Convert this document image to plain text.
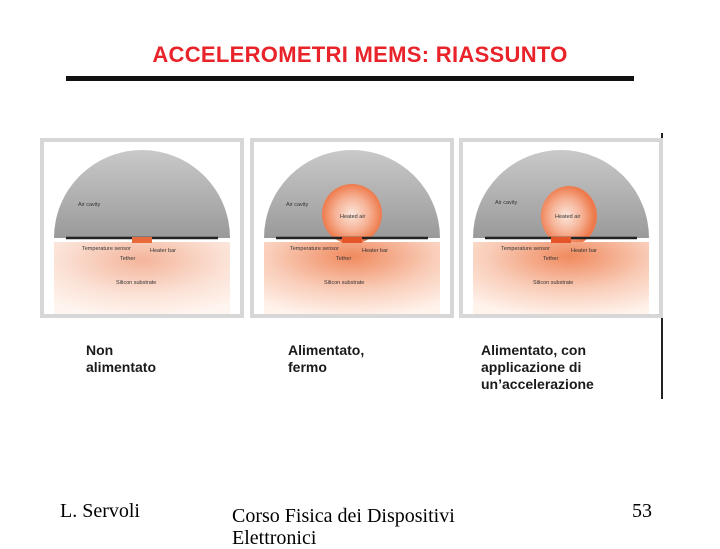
ACCELEROMETRI MEMS: RIASSUNTO
Air cavity
Temperature sensor	Heater bar
Tether
Silicon substrate
Air cavity
Heated air
Temperature sensor	Heater bar
Tether
Silicon substrate
Air cavity
Heated air
Temperature sensor	Heater bar
Tether
Silicon substrate
Non
alimentato
Alimentato,
fermo
Alimentato, con
applicazione di
un’accelerazione
L. Servoli	Corso Fisica dei Dispositivi Elettronici
53
